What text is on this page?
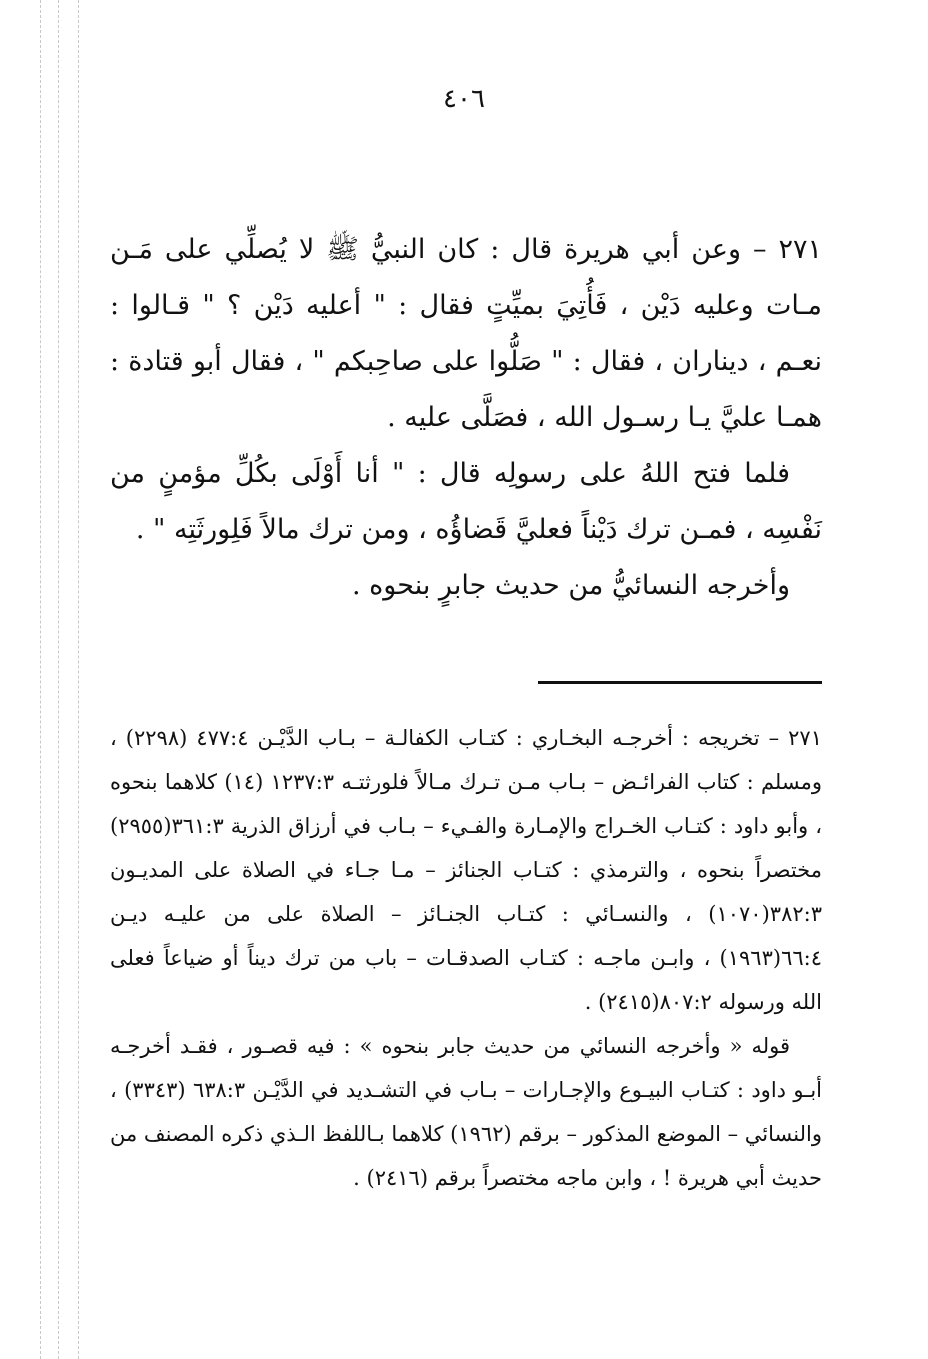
٤٠٦

٢٧١ – وعن أبي هريرة قال : كان النبيُّ ﷺ لا يُصلِّي على مَـن مـات وعليه دَيْن ، فَأُتِيَ بميِّتٍ فقال : " أعليه دَيْن ؟ " قـالوا : نعـم ، ديناران ، فقال : " صَلُّوا على صاحِبكم " ، فقال أبو قتادة : همـا عليَّ يـا رسـول الله ، فصَلَّى عليه .

فلما فتح اللهُ على رسولِه قال : " أنا أَوْلَى بكُلِّ مؤمنٍ من نَفْسِه ، فمـن ترك دَيْناً فعليَّ قَضاؤُه ، ومن ترك مالاً فَلِورثَتِه " .

وأخرجه النسائيُّ من حديث جابرٍ بنحوه .

٢٧١ – تخريجه : أخرجـه البخـاري : كتـاب الكفالـة – بـاب الدَّيْـن ٤٧٧:٤ (٢٢٩٨) ، ومسلم : كتاب الفرائـض – بـاب مـن تـرك مـالاً فلورثتـه ١٢٣٧:٣ (١٤) كلاهما بنحوه ، وأبو داود : كتـاب الخـراج والإمـارة والفـيء – بـاب في أرزاق الذرية ٣٦١:٣(٢٩٥٥) مختصراً بنحوه ، والترمذي : كتـاب الجنائز – مـا جـاء في الصلاة على المديـون ٣٨٢:٣(١٠٧٠) ، والنسـائي : كتـاب الجنـائز – الصلاة على من عليـه ديـن ٦٦:٤(١٩٦٣) ، وابـن ماجـه : كتـاب الصدقـات – باب من ترك ديناً أو ضياعاً فعلى الله ورسوله ٨٠٧:٢(٢٤١٥) .

قوله « وأخرجه النسائي من حديث جابر بنحوه » : فيه قصـور ، فقـد أخرجـه أبـو داود : كتـاب البيـوع والإجـارات – بـاب في التشـديد في الدَّيْـن ٦٣٨:٣ (٣٣٤٣) ، والنسائي – الموضع المذكور – برقم (١٩٦٢) كلاهما بـاللفظ الـذي ذكره المصنف من حديث أبي هريرة ! ، وابن ماجه مختصراً برقم (٢٤١٦) .
